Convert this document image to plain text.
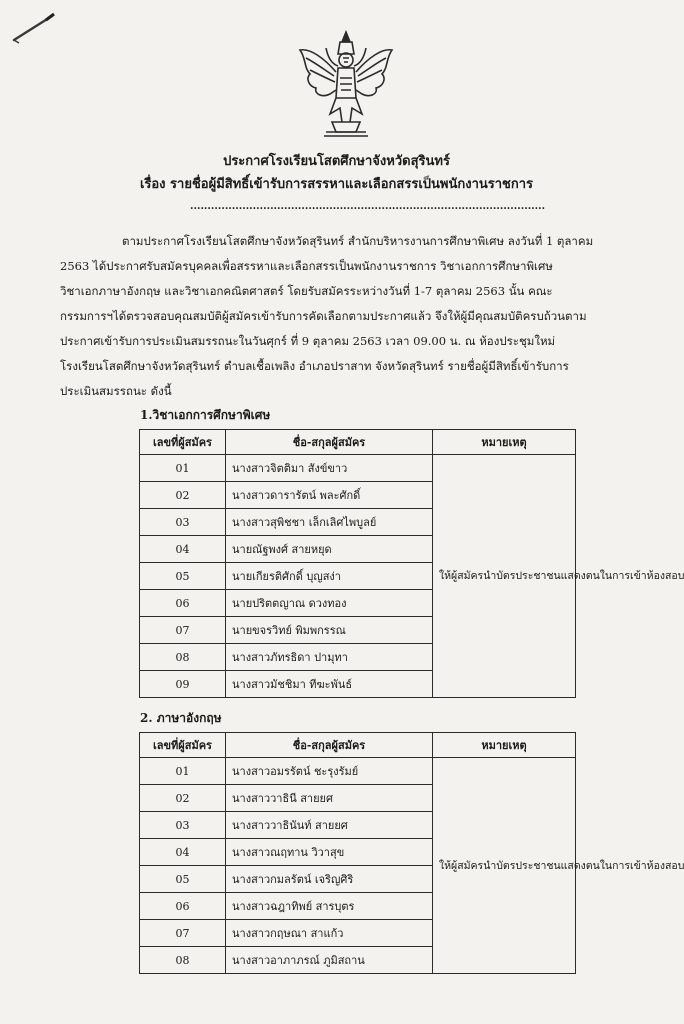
ประกาศโรงเรียนโสตศึกษาจังหวัดสุรินทร์
เรื่อง รายชื่อผู้มีสิทธิ์เข้ารับการสรรหาและเลือกสรรเป็นพนักงานราชการ
......................................................................................................
ตามประกาศโรงเรียนโสตศึกษาจังหวัดสุรินทร์ สำนักบริหารงานการศึกษาพิเศษ ลงวันที่ 1 ตุลาคม
2563 ได้ประกาศรับสมัครบุคคลเพื่อสรรหาและเลือกสรรเป็นพนักงานราชการ วิชาเอกการศึกษาพิเศษ
วิชาเอกภาษาอังกฤษ และวิชาเอกคณิตศาสตร์ โดยรับสมัครระหว่างวันที่ 1-7 ตุลาคม 2563 นั้น คณะ
กรรมการฯได้ตรวจสอบคุณสมบัติผู้สมัครเข้ารับการคัดเลือกตามประกาศแล้ว จึงให้ผู้มีคุณสมบัติครบถ้วนตาม
ประกาศเข้ารับการประเมินสมรรถนะในวันศุกร์ ที่ 9 ตุลาคม 2563 เวลา 09.00 น. ณ ห้องประชุมใหม่
โรงเรียนโสตศึกษาจังหวัดสุรินทร์ ตำบลเชื้อเพลิง อำเภอปราสาท จังหวัดสุรินทร์ รายชื่อผู้มีสิทธิ์เข้ารับการ
ประเมินสมรรถนะ ดังนี้
1.วิชาเอกการศึกษาพิเศษ
เลขที่ผู้สมัคร	ชื่อ-สกุลผู้สมัคร	หมายเหตุ
01	นางสาวจิตติมา สังข์ขาว	ให้ผู้สมัครนำบัตรประชาชนแสดงตนในการเข้าห้องสอบ
02	นางสาวดารารัตน์ พละศักดิ์	
03	นางสาวสุพิชชา เล็กเลิศไพบูลย์	
04	นายณัฐพงศ์ สายหยุด	
05	นายเกียรติศักดิ์ บุญสง่า	
06	นายปริตตญาณ ดวงทอง	
07	นายขจรวิทย์ พิมพกรรณ	
08	นางสาวภัทรธิดา ปามุทา	
09	นางสาวมัชชิมา ทีฆะพันธ์	
2. ภาษาอังกฤษ
เลขที่ผู้สมัคร	ชื่อ-สกุลผู้สมัคร	หมายเหตุ
01	นางสาวอมรรัตน์ ชะรุงรัมย์	ให้ผู้สมัครนำบัตรประชาชนแสดงตนในการเข้าห้องสอบ
02	นางสาววาธินี สายยศ	
03	นางสาววาธินันท์ สายยศ	
04	นางสาวณฤทาน วิวาสุข	
05	นางสาวกมลรัตน์ เจริญศิริ	
06	นางสาวฉฎาทิพย์ สารบุตร	
07	นางสาวกฤษณา สาแก้ว	
08	นางสาวอาภาภรณ์ ภูมิสถาน	
